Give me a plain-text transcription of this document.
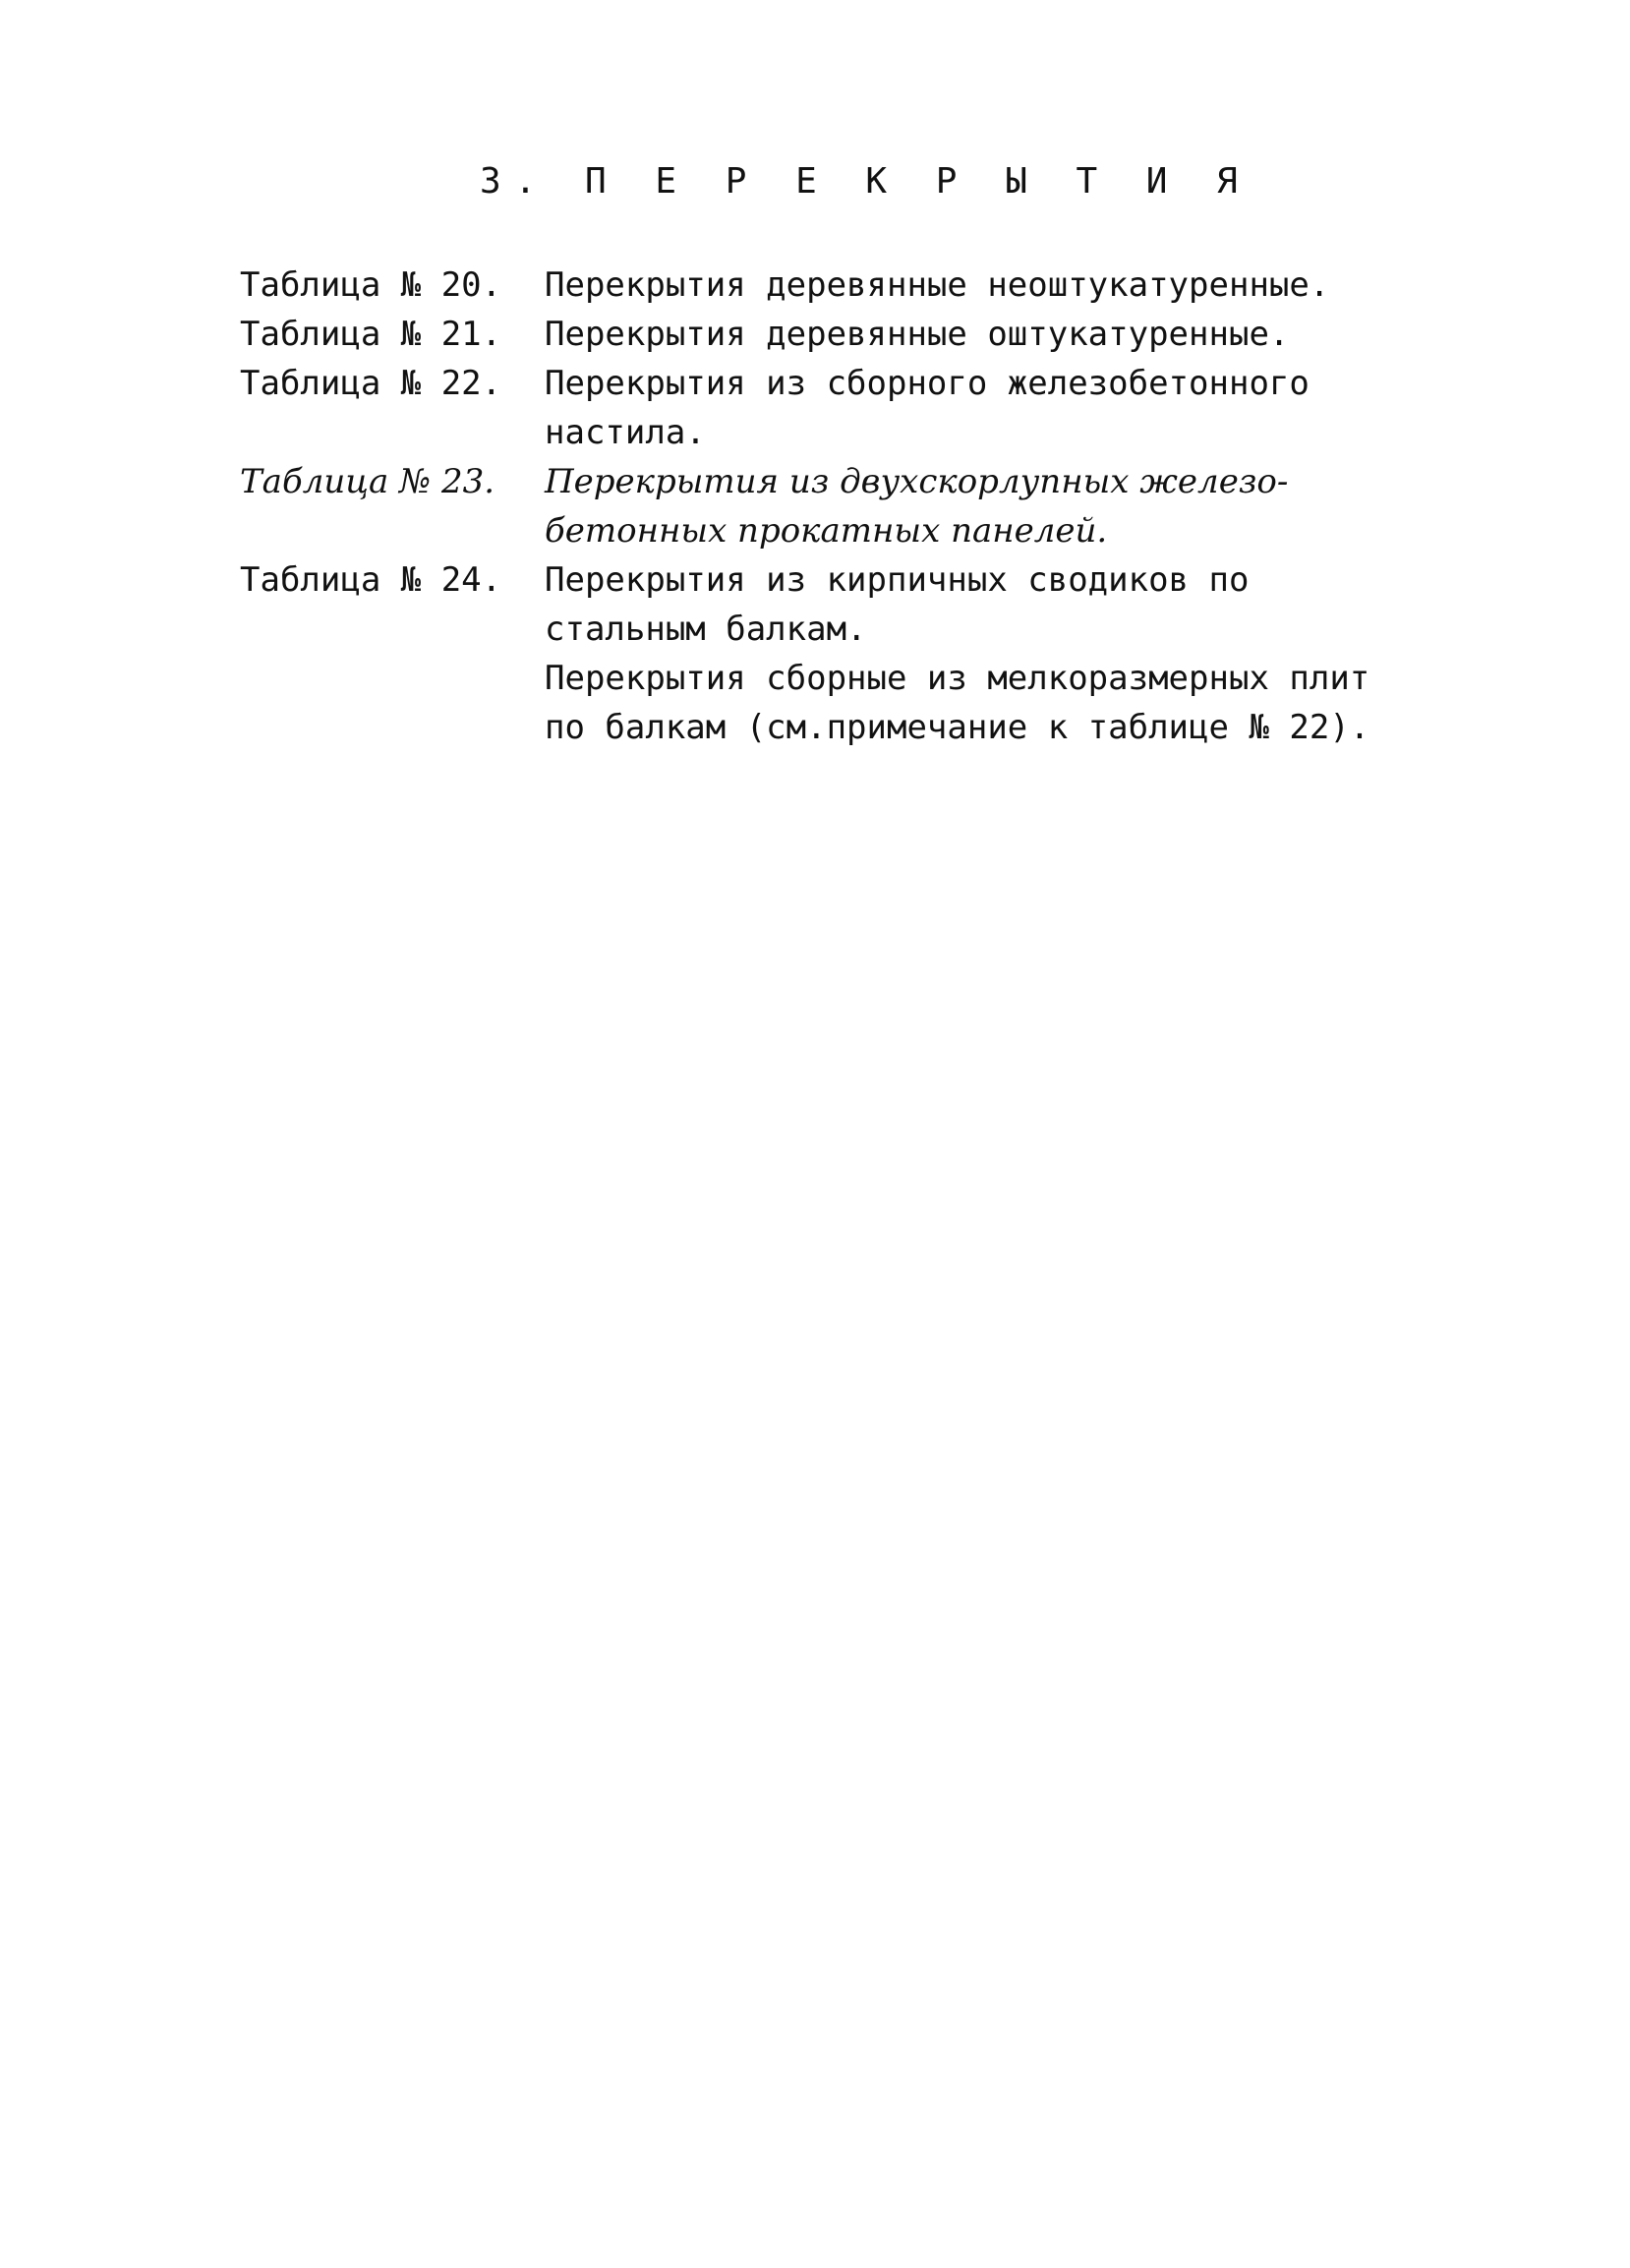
3. П Е Р Е К Р Ы Т И Я
Таблица № 20.	Перекрытия деревянные неоштукатуренные.
Таблица № 21.	Перекрытия деревянные оштукатуренные.
Таблица № 22.	Перекрытия из сборного железобетонного
настила.
Таблица № 23.	Перекрытия из двухскорлупных железо-
бетонных прокатных панелей.
Таблица № 24.	Перекрытия из кирпичных сводиков по
стальным балкам.
Перекрытия сборные из мелкоразмерных плит
по балкам (см.примечание к таблице № 22).
